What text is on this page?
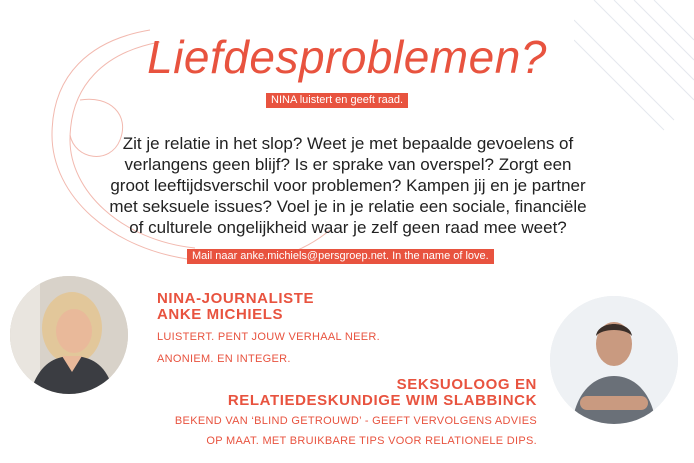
Liefdesproblemen?
NINA luistert en geeft raad.
Zit je relatie in het slop? Weet je met bepaalde gevoelens of
verlangens geen blijf? Is er sprake van overspel? Zorgt een
groot leeftijdsverschil voor problemen? Kampen jij en je partner
met seksuele issues? Voel je in je relatie een sociale, financiële
of culturele ongelijkheid waar je zelf geen raad mee weet?
Mail naar anke.michiels@persgroep.net. In the name of love.
NINA-JOURNALISTE
ANKE MICHIELS
LUISTERT. PENT JOUW VERHAAL NEER.
ANONIEM. EN INTEGER.
SEKSUOLOOG EN
RELATIEDESKUNDIGE WIM SLABBINCK
BEKEND VAN ‘BLIND GETROUWD’ - GEEFT VERVOLGENS ADVIES
OP MAAT. MET BRUIKBARE TIPS VOOR RELATIONELE DIPS.
